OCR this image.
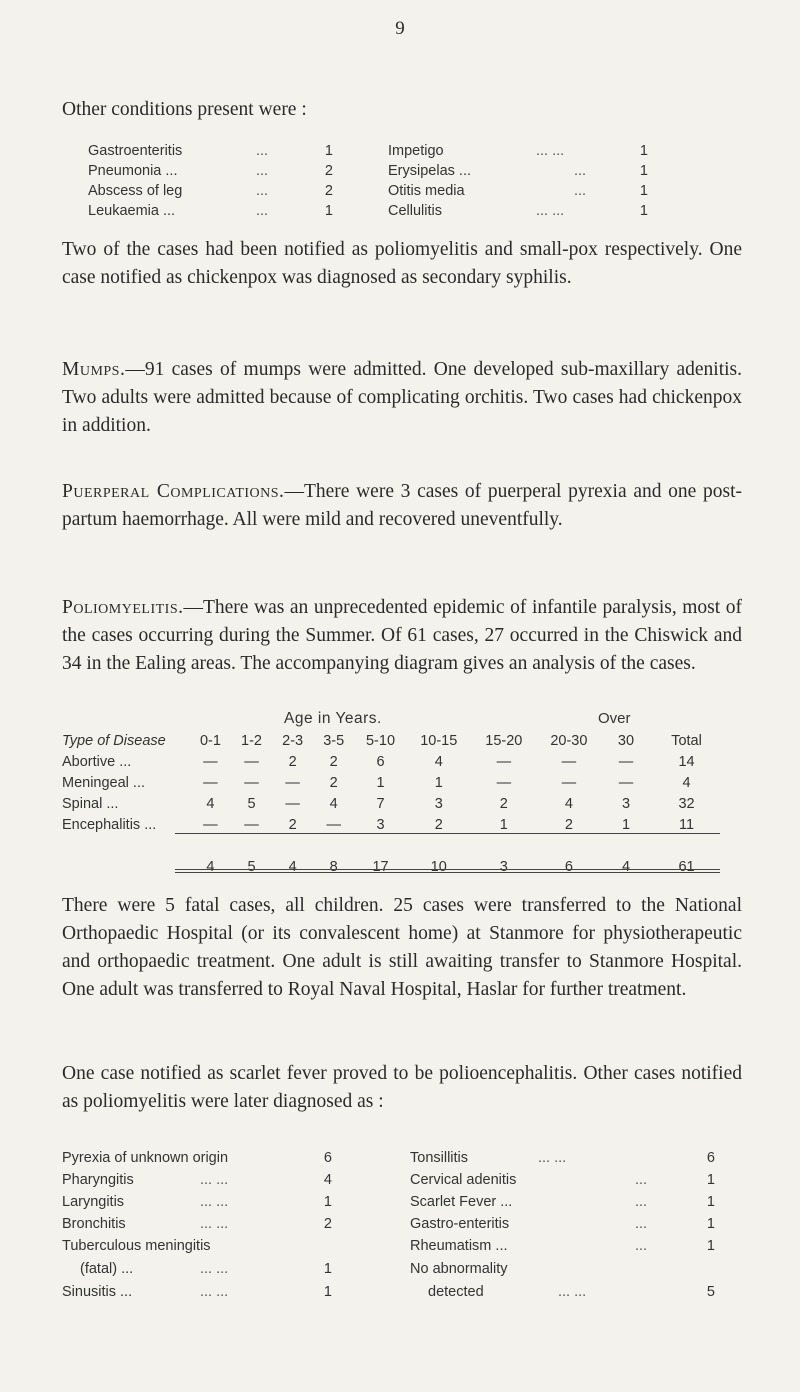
9
Other conditions present were :
Gastroenteritis	...	1
Pneumonia ...	...	2
Abscess of leg	...	2
Leukaemia ...	...	1
Impetigo	... ...	1
Erysipelas ...	...	1
Otitis media	...	1
Cellulitis	... ...	1
Two of the cases had been notified as poliomyelitis and small-pox respectively. One case notified as chickenpox was diagnosed as secondary syphilis.
Mumps.—91 cases of mumps were admitted. One developed sub-maxillary adenitis. Two adults were admitted because of complicating orchitis. Two cases had chickenpox in addition.
Puerperal Complications.—There were 3 cases of puerperal pyrexia and one post-partum haemorrhage. All were mild and recovered uneventfully.
Poliomyelitis.—There was an unprecedented epidemic of infantile paralysis, most of the cases occurring during the Summer. Of 61 cases, 27 occurred in the Chiswick and 34 in the Ealing areas. The accompanying diagram gives an analysis of the cases.
Age in Years.	Over
Type of Disease	0-1	1-2	2-3	3-5	5-10	10-15	15-20	20-30	30	Total
Abortive ...	—	—	2	2	6	4	—	—	—	14
Meningeal ...	—	—	—	2	1	1	—	—	—	4
Spinal ...	4	5	—	4	7	3	2	4	3	32
Encephalitis ...	—	—	2	—	3	2	1	2	1	11

	4	5	4	8	17	10	3	6	4	61
There were 5 fatal cases, all children. 25 cases were transferred to the National Orthopaedic Hospital (or its convalescent home) at Stanmore for physiotherapeutic and orthopaedic treatment. One adult is still awaiting transfer to Stanmore Hospital. One adult was transferred to Royal Naval Hospital, Haslar for further treatment.
One case notified as scarlet fever proved to be polioencephalitis. Other cases notified as poliomyelitis were later diagnosed as :
Pyrexia of unknown origin	6
Pharyngitis	... ...	4
Laryngitis	... ...	1
Bronchitis	... ...	2
Tuberculous meningitis
(fatal) ...	... ...	1
Sinusitis ...	... ...	1
Tonsillitis	... ...	6
Cervical adenitis	...	1
Scarlet Fever ...	...	1
Gastro-enteritis	...	1
Rheumatism ...	...	1
No abnormality
detected	... ...	5
